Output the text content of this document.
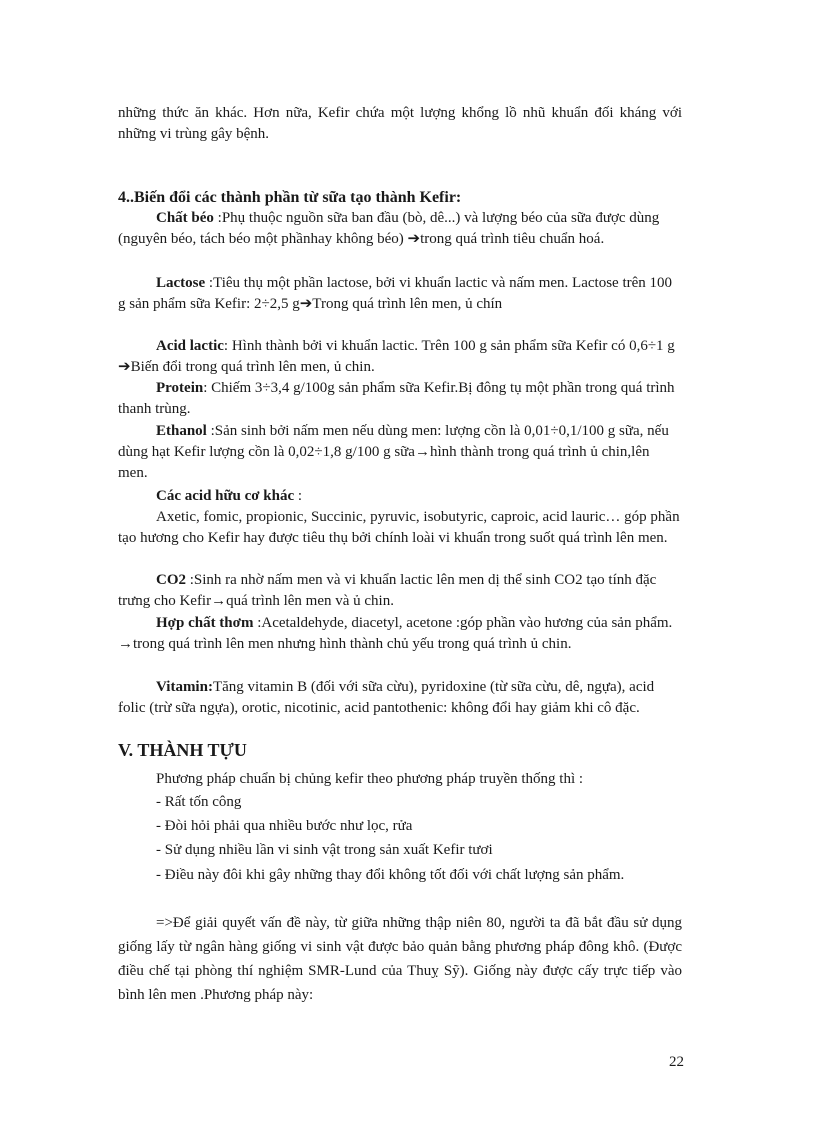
những thức ăn khác. Hơn nữa, Kefir chứa một lượng khổng lồ nhũ khuẩn đối kháng với những vi trùng gây bệnh.

4..Biến đổi các thành phần từ sữa tạo thành Kefir:

Chất béo :Phụ thuộc nguồn sữa ban đầu (bò, dê...) và lượng béo của sữa được dùng (nguyên béo, tách béo một phầnhay không béo) ➔trong quá trình tiêu chuẩn hoá.

Lactose :Tiêu thụ một phần lactose, bởi vi khuẩn lactic và nấm men. Lactose trên 100 g sản phẩm sữa Kefir: 2÷2,5 g➔Trong quá trình lên men, ủ chín

Acid lactic: Hình thành bởi vi khuẩn lactic. Trên 100 g sản phẩm sữa Kefir có 0,6÷1 g ➔Biến đổi trong quá trình lên men, ủ chin.

Protein: Chiếm 3÷3,4 g/100g sản phẩm sữa Kefir.Bị đông tụ một phần trong quá trình thanh trùng.

Ethanol :Sản sinh bởi nấm men nếu dùng men: lượng cồn là 0,01÷0,1/100 g sữa, nếu dùng hạt Kefir lượng cồn là 0,02÷1,8 g/100 g sữa→hình thành trong quá trình ủ chin,lên men.

Các acid hữu cơ khác :

Axetic, fomic, propionic, Succinic, pyruvic, isobutyric, caproic, acid lauric… góp phần tạo hương cho Kefir hay được tiêu thụ bởi chính loài vi khuẩn trong suốt quá trình lên men.

CO2 :Sinh ra nhờ nấm men và vi khuẩn lactic lên men dị thể sinh CO2 tạo tính đặc trưng cho Kefir→quá trình lên men và ủ chin.

Hợp chất thơm :Acetaldehyde, diacetyl, acetone :góp phần vào hương của sản phẩm. →trong quá trình lên men nhưng hình thành chủ yếu trong quá trình ủ chin.

Vitamin:Tăng vitamin B (đối với sữa cừu), pyridoxine (từ sữa cừu, dê, ngựa), acid folic (trừ sữa ngựa), orotic, nicotinic, acid pantothenic: không đổi hay giảm khi cô đặc.

V. THÀNH TỰU

Phương pháp chuẩn bị chủng kefir theo phương pháp truyền thống thì :

- Rất tốn công

- Đòi hỏi phải qua nhiều bước như lọc, rửa

- Sử dụng nhiều lần vi sinh vật trong sản xuất Kefir tươi

- Điều này đôi khi gây những thay đổi không tốt đối với chất lượng sản phẩm.

=>Để giải quyết vấn đề này, từ giữa những thập niên 80, người ta đã bắt đầu sử dụng giống lấy từ ngân hàng giống vi sinh vật được bảo quản bằng phương pháp đông khô. (Được điều chế tại phòng thí nghiệm SMR-Lund của Thuỵ Sỹ). Giống này được cấy trực tiếp vào bình lên men .Phương pháp này:

22
